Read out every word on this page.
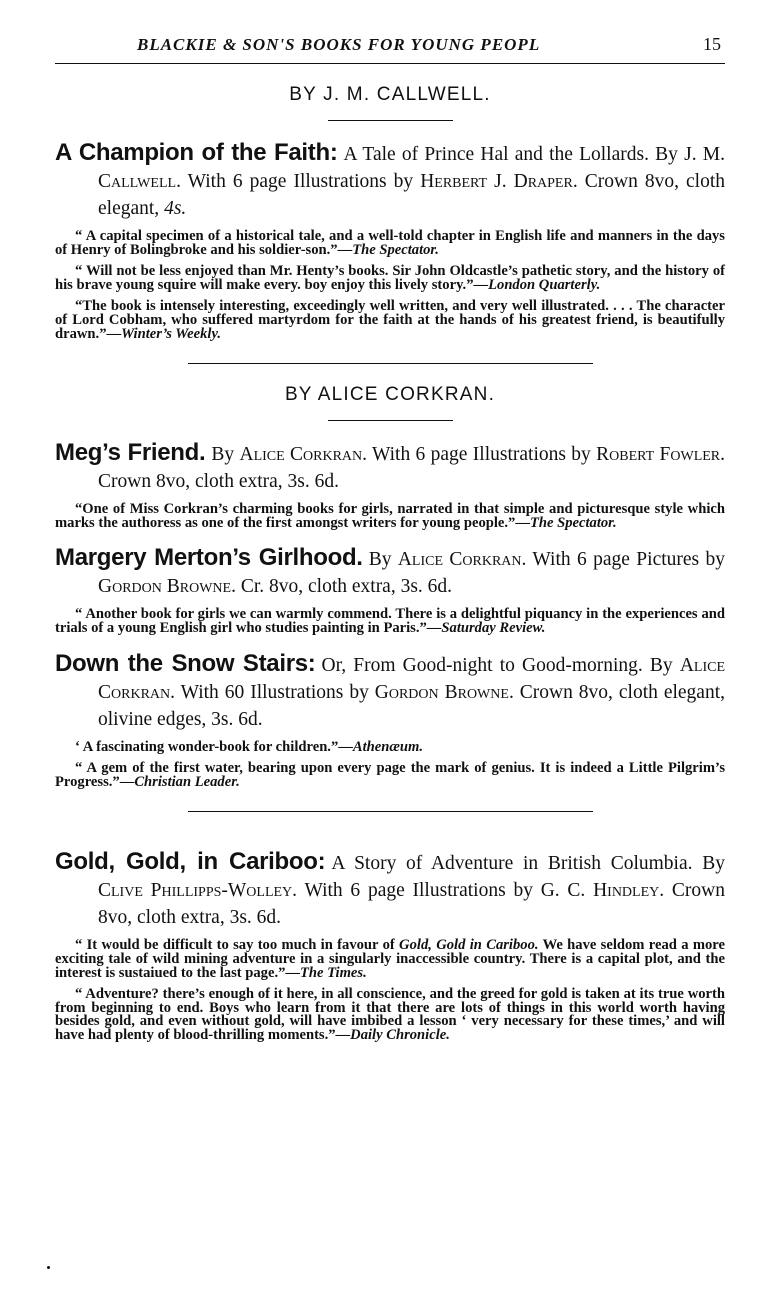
BLACKIE & SON'S BOOKS FOR YOUNG PEOPL	15
BY J. M. CALLWELL.

A Champion of the Faith: A Tale of Prince Hal and the Lollards. By J. M. Callwell. With 6 page Illustrations by Herbert J. Draper. Crown 8vo, cloth elegant, 4s.

“ A capital specimen of a historical tale, and a well-told chapter in English life and manners in the days of Henry of Bolingbroke and his soldier-son.”—The Spectator.

“ Will not be less enjoyed than Mr. Henty’s books. Sir John Oldcastle’s pathetic story, and the history of his brave young squire will make every. boy enjoy this lively story.”—London Quarterly.

“The book is intensely interesting, exceedingly well written, and very well illustrated. . . . The character of Lord Cobham, who suffered martyrdom for the faith at the hands of his greatest friend, is beautifully drawn.”—Winter’s Weekly.

BY ALICE CORKRAN.

Meg’s Friend. By Alice Corkran. With 6 page Illustrations by Robert Fowler. Crown 8vo, cloth extra, 3s. 6d.

“One of Miss Corkran’s charming books for girls, narrated in that simple and picturesque style which marks the authoress as one of the first amongst writers for young people.”—The Spectator.

Margery Merton’s Girlhood. By Alice Corkran. With 6 page Pictures by Gordon Browne. Cr. 8vo, cloth extra, 3s. 6d.

“ Another book for girls we can warmly commend. There is a delightful piquancy in the experiences and trials of a young English girl who studies painting in Paris.”—Saturday Review.

Down the Snow Stairs: Or, From Good-night to Good-morning. By Alice Corkran. With 60 Illustrations by Gordon Browne. Crown 8vo, cloth elegant, olivine edges, 3s. 6d.

‘ A fascinating wonder-book for children.”—Athenæum.

“ A gem of the first water, bearing upon every page the mark of genius. It is indeed a Little Pilgrim’s Progress.”—Christian Leader.

Gold, Gold, in Cariboo: A Story of Adventure in British Columbia. By Clive Phillipps-Wolley. With 6 page Illustrations by G. C. Hindley. Crown 8vo, cloth extra, 3s. 6d.

“ It would be difficult to say too much in favour of Gold, Gold in Cariboo. We have seldom read a more exciting tale of wild mining adventure in a singularly inaccessible country. There is a capital plot, and the interest is sustaiued to the last page.”—The Times.

“ Adventure? there’s enough of it here, in all conscience, and the greed for gold is taken at its true worth from beginning to end. Boys who learn from it that there are lots of things in this world worth having besides gold, and even without gold, will have imbibed a lesson ‘ very necessary for these times,’ and will have had plenty of blood-thrilling moments.”—Daily Chronicle.
